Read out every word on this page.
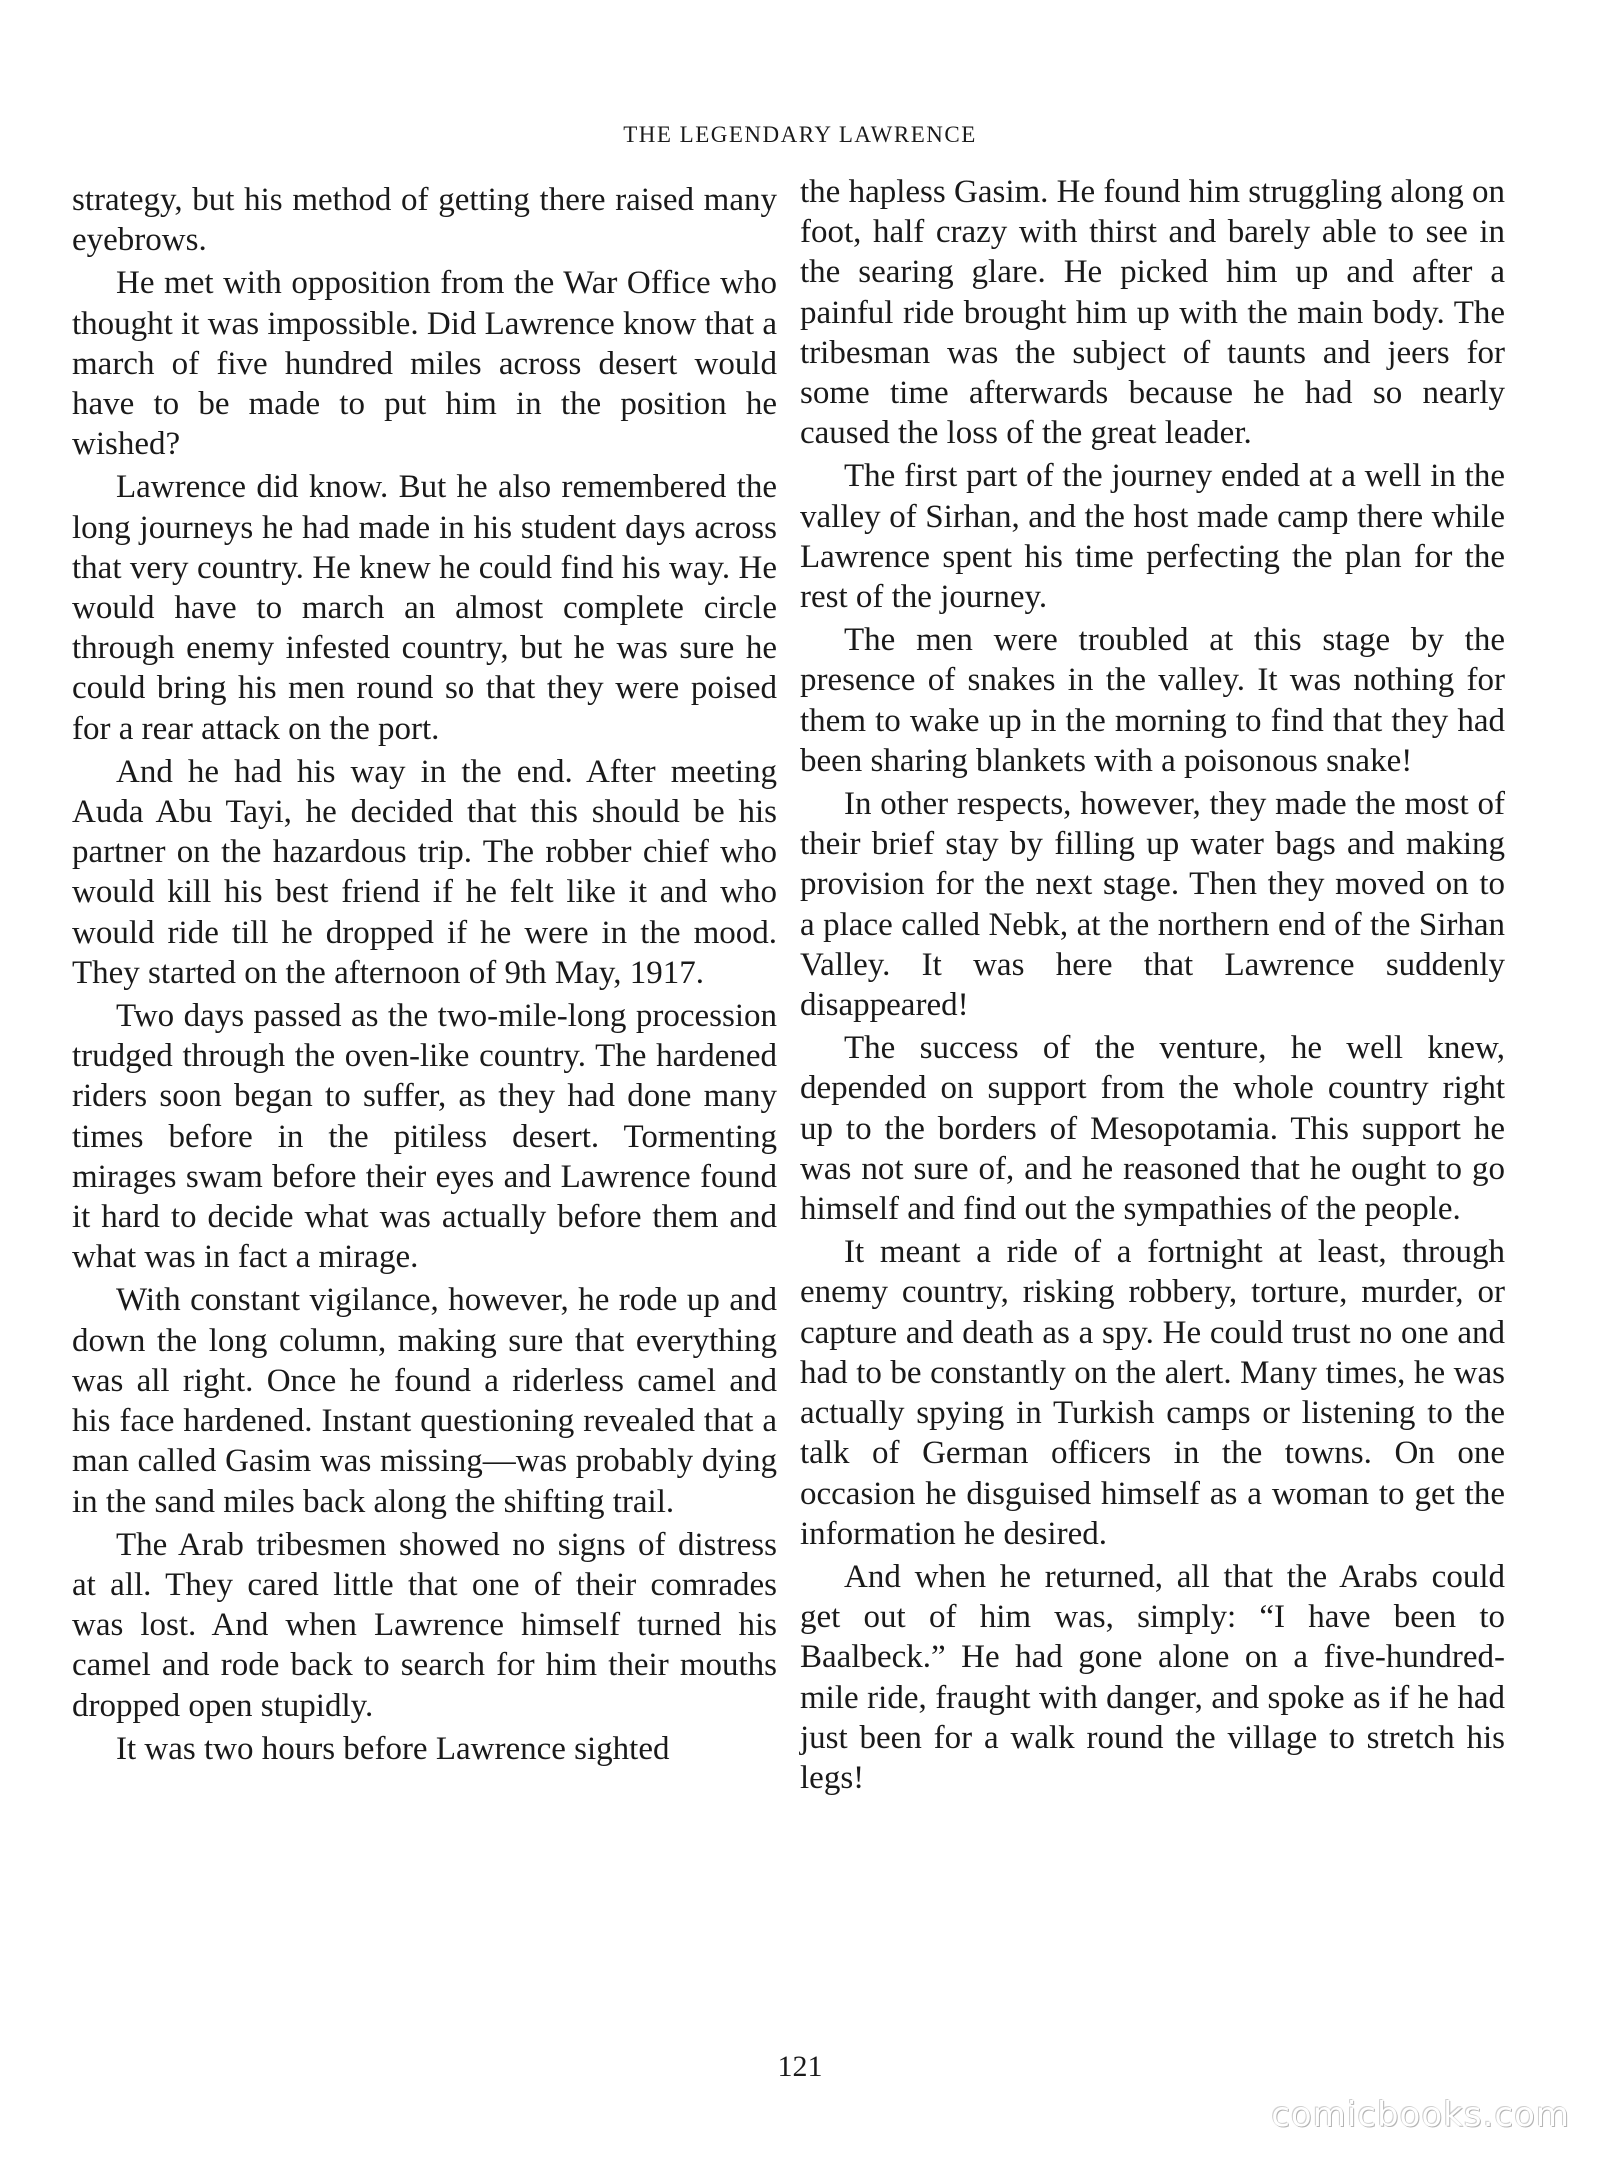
THE LEGENDARY LAWRENCE

strategy, but his method of getting there raised many eyebrows.

He met with opposition from the War Office who thought it was impossible. Did Lawrence know that a march of five hundred miles across desert would have to be made to put him in the position he wished?

Lawrence did know. But he also remembered the long journeys he had made in his student days across that very country. He knew he could find his way. He would have to march an almost complete circle through enemy infested country, but he was sure he could bring his men round so that they were poised for a rear attack on the port.

And he had his way in the end. After meeting Auda Abu Tayi, he decided that this should be his partner on the hazardous trip. The robber chief who would kill his best friend if he felt like it and who would ride till he dropped if he were in the mood. They started on the afternoon of 9th May, 1917.

Two days passed as the two-mile-long procession trudged through the oven-like country. The hardened riders soon began to suffer, as they had done many times before in the pitiless desert. Tormenting mirages swam before their eyes and Lawrence found it hard to decide what was actually before them and what was in fact a mirage.

With constant vigilance, however, he rode up and down the long column, making sure that everything was all right. Once he found a riderless camel and his face hardened. Instant questioning revealed that a man called Gasim was missing—was probably dying in the sand miles back along the shifting trail.

The Arab tribesmen showed no signs of distress at all. They cared little that one of their comrades was lost. And when Lawrence himself turned his camel and rode back to search for him their mouths dropped open stupidly.

It was two hours before Lawrence sighted

the hapless Gasim. He found him struggling along on foot, half crazy with thirst and barely able to see in the searing glare. He picked him up and after a painful ride brought him up with the main body. The tribesman was the subject of taunts and jeers for some time afterwards because he had so nearly caused the loss of the great leader.

The first part of the journey ended at a well in the valley of Sirhan, and the host made camp there while Lawrence spent his time perfecting the plan for the rest of the journey.

The men were troubled at this stage by the presence of snakes in the valley. It was nothing for them to wake up in the morning to find that they had been sharing blankets with a poisonous snake!

In other respects, however, they made the most of their brief stay by filling up water bags and making provision for the next stage. Then they moved on to a place called Nebk, at the northern end of the Sirhan Valley. It was here that Lawrence suddenly disappeared!

The success of the venture, he well knew, depended on support from the whole country right up to the borders of Mesopotamia. This support he was not sure of, and he reasoned that he ought to go himself and find out the sympathies of the people.

It meant a ride of a fortnight at least, through enemy country, risking robbery, torture, murder, or capture and death as a spy. He could trust no one and had to be constantly on the alert. Many times, he was actually spying in Turkish camps or listening to the talk of German officers in the towns. On one occasion he disguised himself as a woman to get the information he desired.

And when he returned, all that the Arabs could get out of him was, simply: “I have been to Baalbeck.” He had gone alone on a five-hundred-mile ride, fraught with danger, and spoke as if he had just been for a walk round the village to stretch his legs!

121
comicbooks.com
